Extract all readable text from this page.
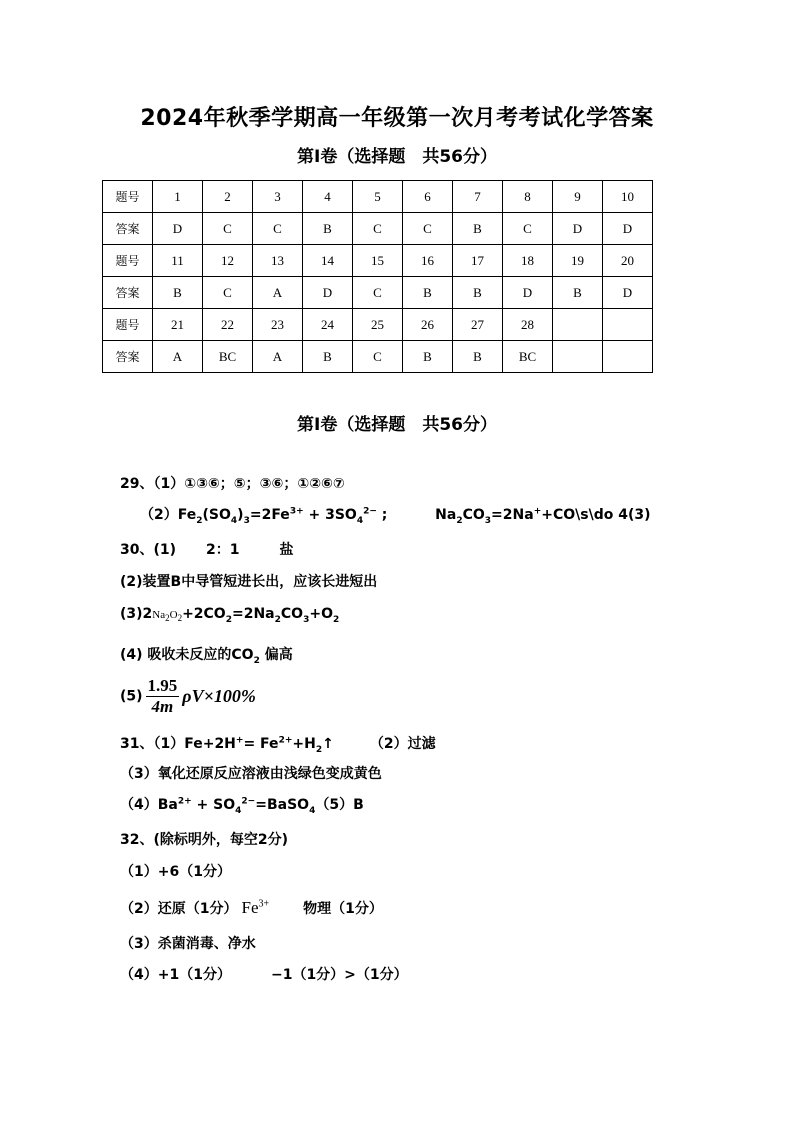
2024年秋季学期高一年级第一次月考考试化学答案
第Ⅰ卷（选择题　共56分）
题号	1	2	3	4	5	6	7	8	9	10
答案	D	C	C	B	C	C	B	C	D	D
题号	11	12	13	14	15	16	17	18	19	20
答案	B	C	A	D	C	B	B	D	B	D
题号	21	22	23	24	25	26	27	28		
答案	A	BC	A	B	C	B	B	BC		
第Ⅰ卷（选择题　共56分）
29、（1）①③⑥；⑤；③⑥；①②⑥⑦
$(2)Fe_2(SO_4)_3=2Fe^{3+} + 3SO_4^{2-}$ ;	$Na_2CO_3=2Na^++CO\backslash s\backslash do$ 4(3)
30、(1) 2：1	盐
(2)装置B中导管短进长出，应该长进短出
$(3)2Na_2O_2+2CO_2=2Na_2CO_3+O_2$
(4) 吸收未反应的$CO_2$ 偏高
$(5) \frac{1.95}{4m} \rho V\times 100\%$
31、$(1)Fe+2H^+= Fe^{2+}+H_2↑$	（2）过滤
（3）氧化还原反应溶液由浅绿色变成黄色
$(4)Ba^{2+}$ + $SO_4^{2-}=BaSO_4(5)B$
32、(除标明外，每空2分)
（1）+6（1分）
（2）还原（1分） $Fe^{3+}$ 物理（1分）
（3）杀菌消毒、净水
（4）+1（1分）	−1（1分）>（1分）
